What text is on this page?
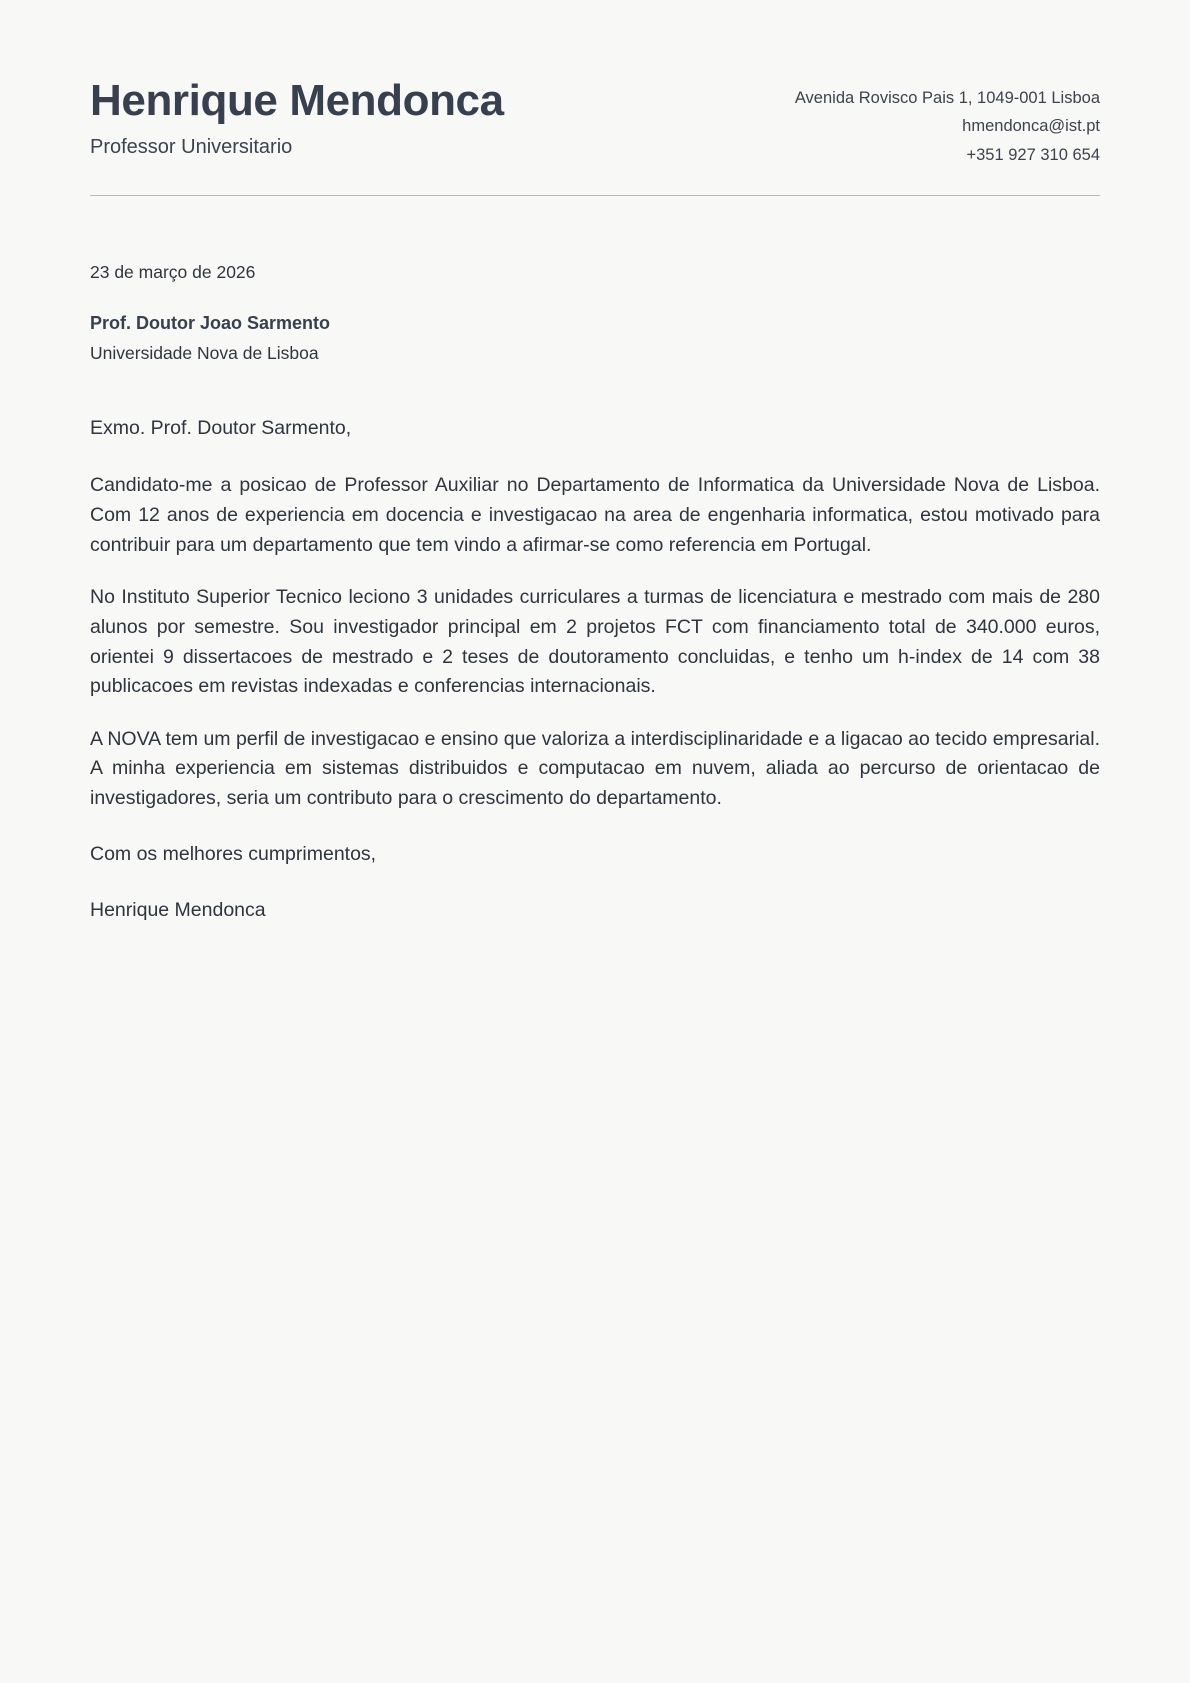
Henrique Mendonca

Professor Universitario

Avenida Rovisco Pais 1, 1049-001 Lisboa
hmendonca@ist.pt
+351 927 310 654
23 de março de 2026
Prof. Doutor Joao Sarmento
Universidade Nova de Lisboa
Exmo. Prof. Doutor Sarmento,

Candidato-me a posicao de Professor Auxiliar no Departamento de Informatica da Universidade Nova de Lisboa. Com 12 anos de experiencia em docencia e investigacao na area de engenharia informatica, estou motivado para contribuir para um departamento que tem vindo a afirmar-se como referencia em Portugal.

No Instituto Superior Tecnico leciono 3 unidades curriculares a turmas de licenciatura e mestrado com mais de 280 alunos por semestre. Sou investigador principal em 2 projetos FCT com financiamento total de 340.000 euros, orientei 9 dissertacoes de mestrado e 2 teses de doutoramento concluidas, e tenho um h-index de 14 com 38 publicacoes em revistas indexadas e conferencias internacionais.

A NOVA tem um perfil de investigacao e ensino que valoriza a interdisciplinaridade e a ligacao ao tecido empresarial. A minha experiencia em sistemas distribuidos e computacao em nuvem, aliada ao percurso de orientacao de investigadores, seria um contributo para o crescimento do departamento.

Com os melhores cumprimentos,
Henrique Mendonca
